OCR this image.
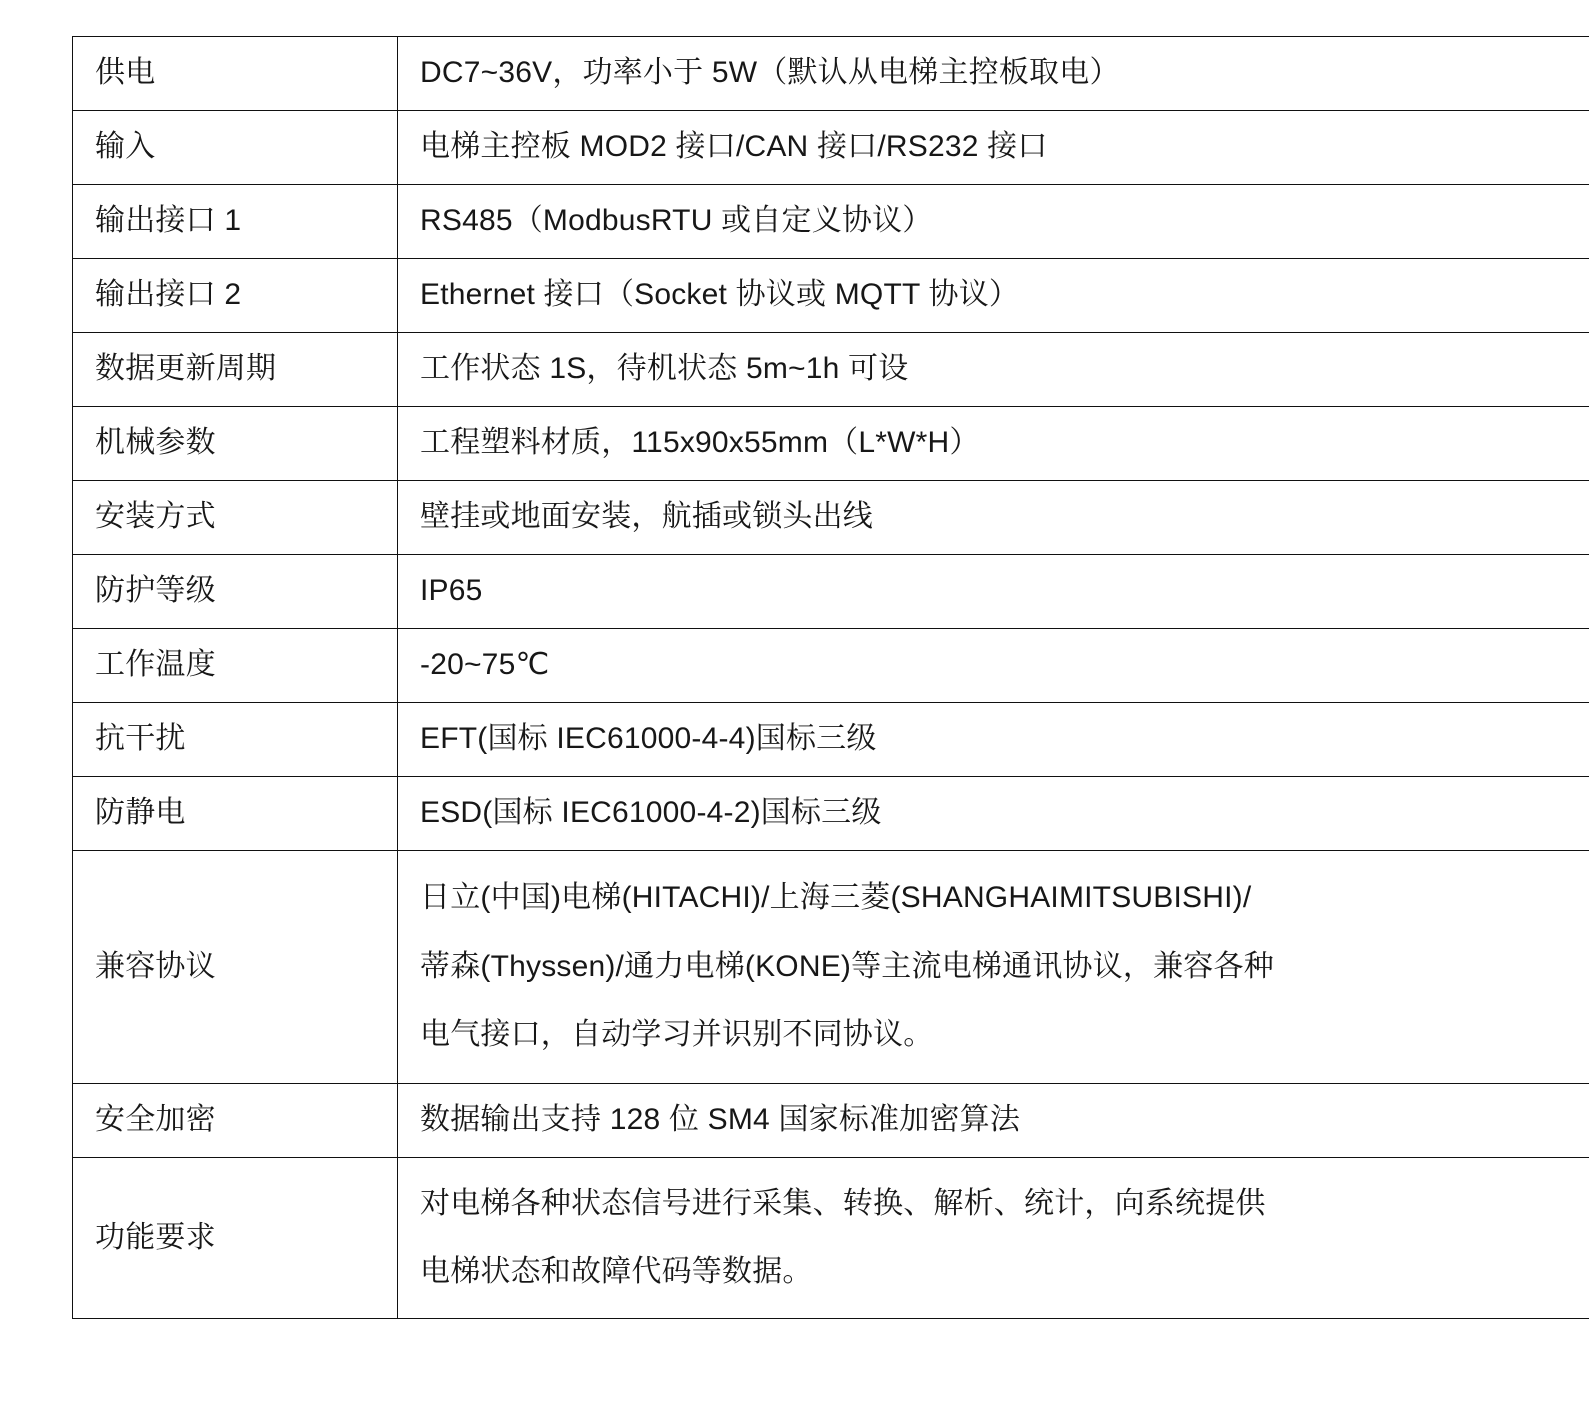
供电	DC7~36V，功率小于 5W（默认从电梯主控板取电）

输入	电梯主控板 MOD2 接口/CAN 接口/RS232 接口

输出接口 1	RS485（ModbusRTU 或自定义协议）

输出接口 2	Ethernet 接口（Socket 协议或 MQTT 协议）

数据更新周期	工作状态 1S，待机状态 5m~1h 可设

机械参数	工程塑料材质，115x90x55mm（L*W*H）

安装方式	壁挂或地面安装，航插或锁头出线

防护等级	IP65

工作温度	-20~75℃

抗干扰	EFT(国标 IEC61000-4-4)国标三级

防静电	ESD(国标 IEC61000-4-2)国标三级

兼容协议	日立(中国)电梯(HITACHI)/上海三菱(SHANGHAIMITSUBISHI)/
蒂森(Thyssen)/通力电梯(KONE)等主流电梯通讯协议，兼容各种
电气接口，自动学习并识别不同协议。

安全加密	数据输出支持 128 位 SM4 国家标准加密算法

功能要求	对电梯各种状态信号进行采集、转换、解析、统计，向系统提供
电梯状态和故障代码等数据。
